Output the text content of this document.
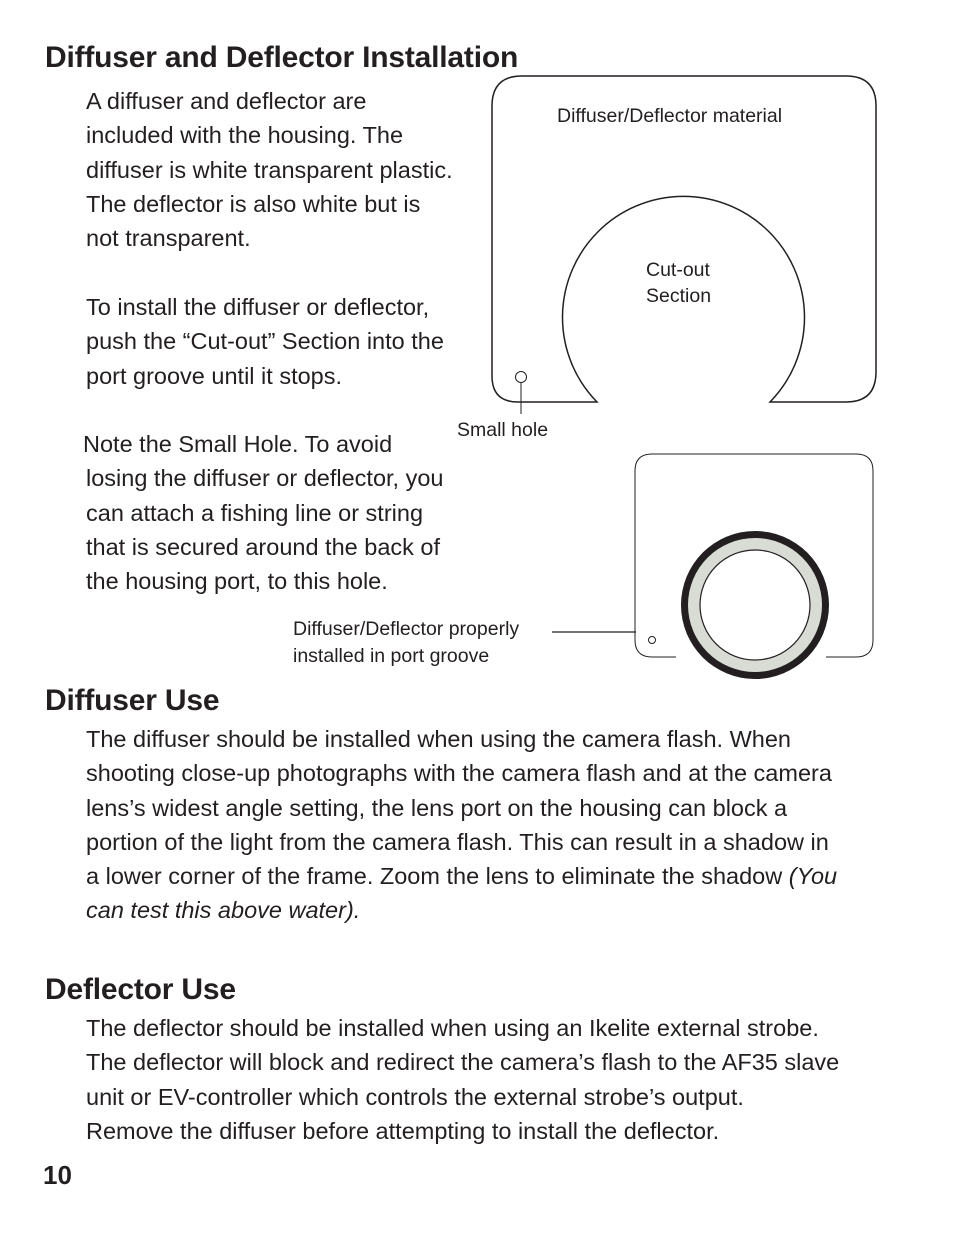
Diffuser and Deflector Installation
A diffuser and deflector are
included with the housing. The
diffuser is white transparent plastic.
The deflector is also white but is
not transparent.
To install the diffuser or deflector,
push the “Cut-out” Section into the
port groove until it stops.
Note the Small Hole. To avoid
losing the diffuser or deflector, you
can attach a fishing line or string
that is secured around the back of
the housing port, to this hole.
Diffuser/Deflector material
Cut-out
Section
Small hole
Diffuser/Deflector properly
installed in port groove
Diffuser Use
The diffuser should be installed when using the camera flash. When
shooting close-up photographs with the camera flash and at the camera
lens’s widest angle setting, the lens port on the housing can block a
portion of the light from the camera flash. This can result in a shadow in
a lower corner of the frame. Zoom the lens to eliminate the shadow (You
can test this above water).
Deflector Use
The deflector should be installed when using an Ikelite external strobe.
The deflector will block and redirect the camera’s flash to the AF35 slave
unit or EV-controller which controls the external strobe’s output.
Remove the diffuser before attempting to install the deflector.
10
